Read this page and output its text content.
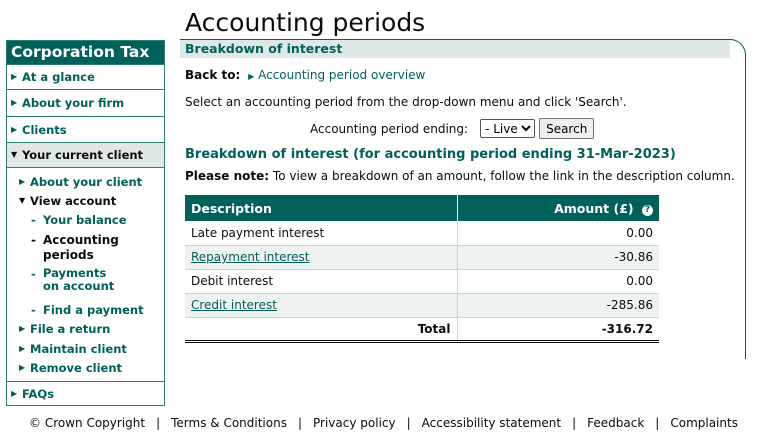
Accounting periods
Corporation Tax
▶ At a glance
▶ About your firm
▶ Clients
▼ Your current client
▶ About your client
▼ View account
- Your balance
- Accounting periods
- Payments on account
- Find a payment
▶ File a return
▶ Maintain client
▶ Remove client
▶ FAQs
Breakdown of interest
Back to: ▶ Accounting period overview
Select an accounting period from the drop-down menu and click 'Search'.
Accounting period ending:
- Live	Search
Breakdown of interest (for accounting period ending 31-Mar-2023)
Please note: To view a breakdown of an amount, follow the link in the description column.
Description	Amount (£) ?
Late payment interest	0.00
Repayment interest	-30.86
Debit interest	0.00
Credit interest	-285.86
Total	-316.72
© Crown Copyright | Terms & Conditions | Privacy policy | Accessibility statement | Feedback | Complaints
